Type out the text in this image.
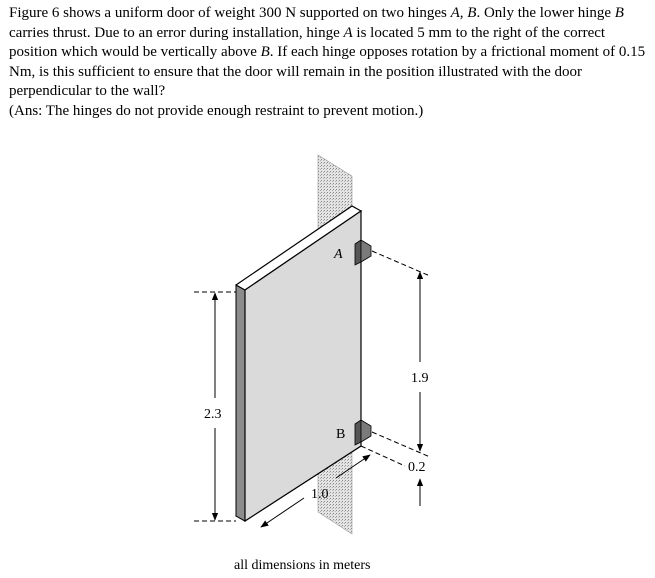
Figure 6 shows a uniform door of weight 300 N supported on two hinges A, B. Only the lower hinge B carries thrust. Due to an error during installation, hinge A is located 5 mm to the right of the correct position which would be vertically above B. If each hinge opposes rotation by a frictional moment of 0.15 Nm, is this sufficient to ensure that the door will remain in the position illustrated with the door perpendicular to the wall?
(Ans: The hinges do not provide enough restraint to prevent motion.)

A
B
2.3
1.9
0.2
1.0
all dimensions in meters
